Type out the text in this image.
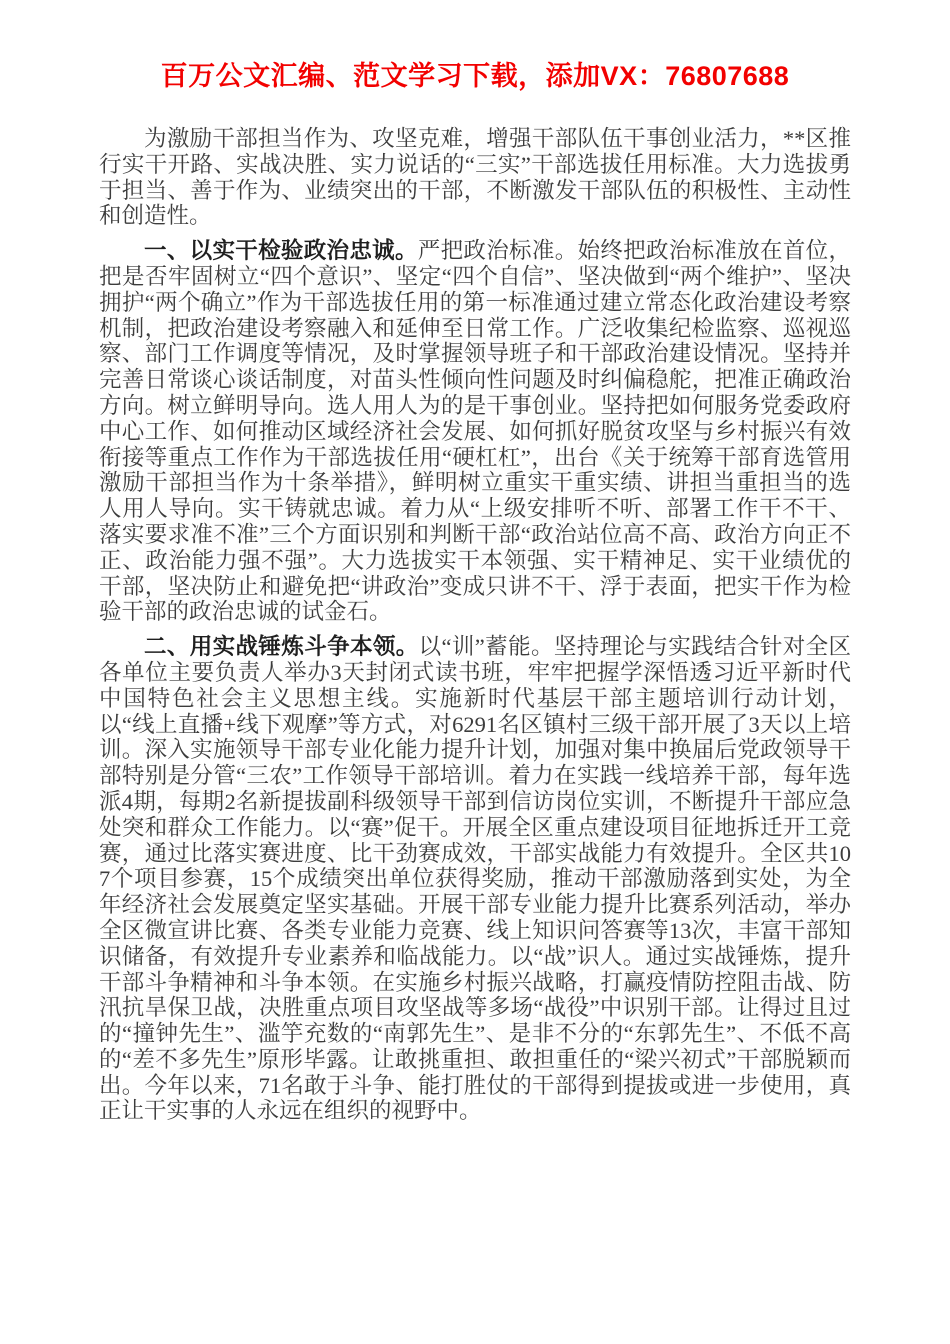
百万公文汇编、范文学习下载，添加VX：76807688

为激励干部担当作为、攻坚克难，增强干部队伍干事创业活力，**区推行实干开路、实战决胜、实力说话的“三实”干部选拔任用标准。大力选拔勇于担当、善于作为、业绩突出的干部，不断激发干部队伍的积极性、主动性和创造性。

一、以实干检验政治忠诚。严把政治标准。始终把政治标准放在首位，把是否牢固树立“四个意识”、坚定“四个自信”、坚决做到“两个维护”、坚决拥护“两个确立”作为干部选拔任用的第一标准通过建立常态化政治建设考察机制，把政治建设考察融入和延伸至日常工作。广泛收集纪检监察、巡视巡察、部门工作调度等情况，及时掌握领导班子和干部政治建设情况。坚持并完善日常谈心谈话制度，对苗头性倾向性问题及时纠偏稳舵，把准正确政治方向。树立鲜明导向。选人用人为的是干事创业。坚持把如何服务党委政府中心工作、如何推动区域经济社会发展、如何抓好脱贫攻坚与乡村振兴有效衔接等重点工作作为干部选拔任用“硬杠杠”，出台《关于统筹干部育选管用激励干部担当作为十条举措》，鲜明树立重实干重实绩、讲担当重担当的选人用人导向。实干铸就忠诚。着力从“上级安排听不听、部署工作干不干、落实要求准不准”三个方面识别和判断干部“政治站位高不高、政治方向正不正、政治能力强不强”。大力选拔实干本领强、实干精神足、实干业绩优的干部，坚决防止和避免把“讲政治”变成只讲不干、浮于表面，把实干作为检验干部的政治忠诚的试金石。

二、用实战锤炼斗争本领。以“训”蓄能。坚持理论与实践结合针对全区各单位主要负责人举办3天封闭式读书班，牢牢把握学深悟透习近平新时代中国特色社会主义思想主线。实施新时代基层干部主题培训行动计划，以“线上直播+线下观摩”等方式，对6291名区镇村三级干部开展了3天以上培训。深入实施领导干部专业化能力提升计划，加强对集中换届后党政领导干部特别是分管“三农”工作领导干部培训。着力在实践一线培养干部，每年选派4期，每期2名新提拔副科级领导干部到信访岗位实训，不断提升干部应急处突和群众工作能力。以“赛”促干。开展全区重点建设项目征地拆迁开工竞赛，通过比落实赛进度、比干劲赛成效，干部实战能力有效提升。全区共107个项目参赛，15个成绩突出单位获得奖励，推动干部激励落到实处，为全年经济社会发展奠定坚实基础。开展干部专业能力提升比赛系列活动，举办全区微宣讲比赛、各类专业能力竞赛、线上知识问答赛等13次，丰富干部知识储备，有效提升专业素养和临战能力。以“战”识人。通过实战锤炼，提升干部斗争精神和斗争本领。在实施乡村振兴战略，打赢疫情防控阻击战、防汛抗旱保卫战，决胜重点项目攻坚战等多场“战役”中识别干部。让得过且过的“撞钟先生”、滥竽充数的“南郭先生”、是非不分的“东郭先生”、不低不高的“差不多先生”原形毕露。让敢挑重担、敢担重任的“梁兴初式”干部脱颖而出。今年以来，71名敢于斗争、能打胜仗的干部得到提拔或进一步使用，真正让干实事的人永远在组织的视野中。
